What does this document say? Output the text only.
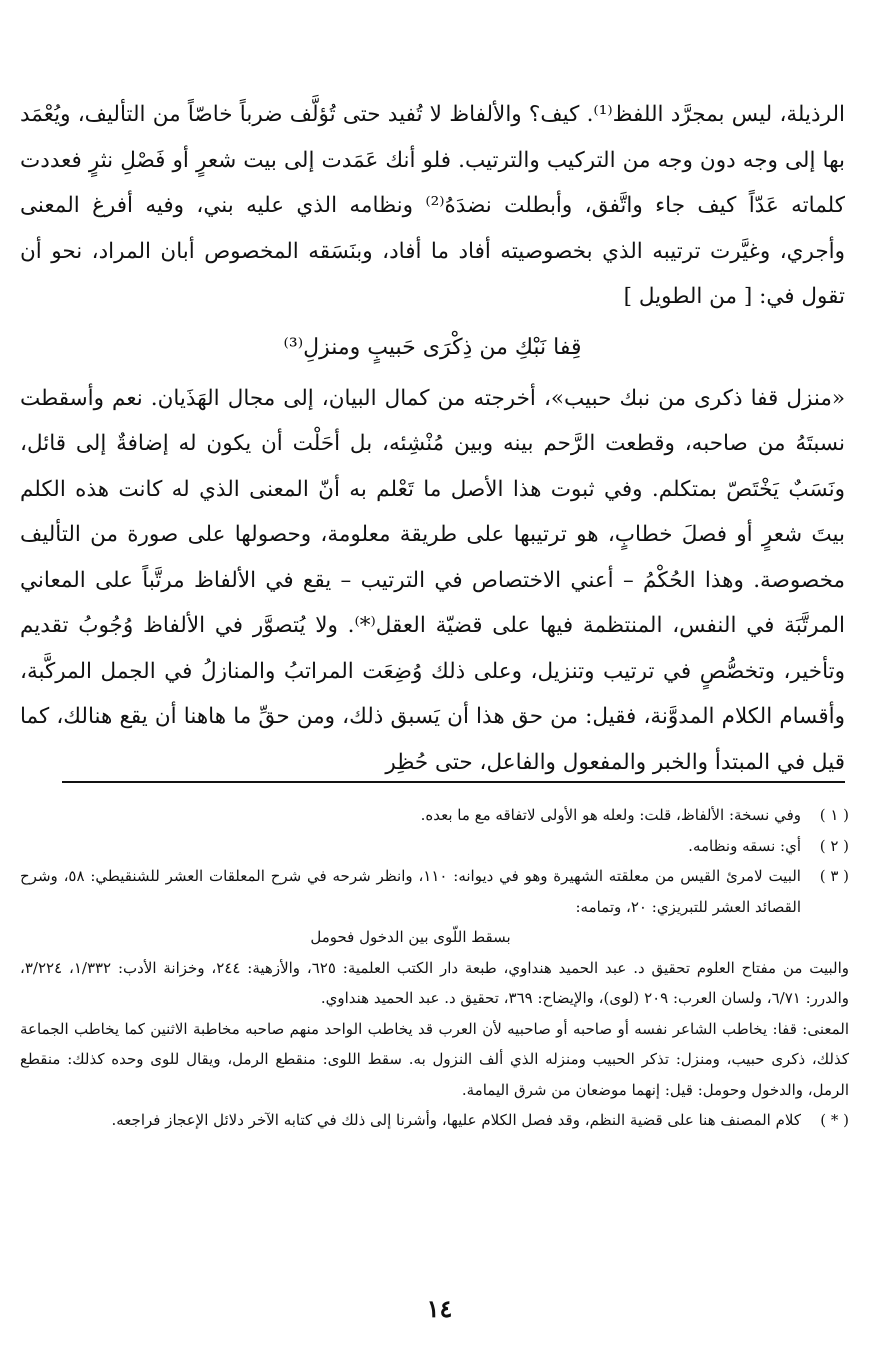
الرذيلة، ليس بمجرَّد اللفظ⁽¹⁾. كيف؟ والألفاظ لا تُفيد حتى تُؤلَّف ضرباً خاصّاً من التأليف، ويُعْمَد بها إلى وجه دون وجه من التركيب والترتيب. فلو أنك عَمَدت إلى بيت شعرٍ أو فَصْلِ نثرٍ فعددت كلماته عَدّاً كيف جاء واتَّفق، وأبطلت نضدَهُ⁽²⁾ ونظامه الذي عليه بني، وفيه أفرغ المعنى وأجري، وغيَّرت ترتيبه الذي بخصوصيته أفاد ما أفاد، وبنَسَقه المخصوص أبان المراد، نحو أن تقول في: [ من الطويل ]

قِفا نَبْكِ من ذِكْرَى حَبيبٍ ومنزلِ⁽³⁾

«منزل قفا ذكرى من نبك حبيب»، أخرجته من كمال البيان، إلى مجال الهَذَيان. نعم وأسقطت نسبتَهُ من صاحبه، وقطعت الرَّحم بينه وبين مُنْشِئه، بل أحَلْت أن يكون له إضافةٌ إلى قائل، ونَسَبٌ يَخْتَصّ بمتكلم. وفي ثبوت هذا الأصل ما تَعْلم به أنّ المعنى الذي له كانت هذه الكلم بيتَ شعرٍ أو فصلَ خطابٍ، هو ترتيبها على طريقة معلومة، وحصولها على صورة من التأليف مخصوصة. وهذا الحُكْمُ – أعني الاختصاص في الترتيب – يقع في الألفاظ مرتَّباً على المعاني المرتَّبَة في النفس، المنتظمة فيها على قضيّة العقل⁽*⁾. ولا يُتصوَّر في الألفاظ وُجُوبُ تقديم وتأخير، وتخصُّصٍ في ترتيب وتنزيل، وعلى ذلك وُضِعَت المراتبُ والمنازلُ في الجمل المركَّبة، وأقسام الكلام المدوَّنة، فقيل: من حق هذا أن يَسبق ذلك، ومن حقِّ ما هاهنا أن يقع هنالك، كما قيل في المبتدأ والخبر والمفعول والفاعل، حتى حُظِر

( ١ )
وفي نسخة: الألفاظ، قلت: ولعله هو الأولى لاتفاقه مع ما بعده.
( ٢ )
أي: نسقه ونظامه.
( ٣ )
البيت لامرئ القيس من معلقته الشهيرة وهو في ديوانه: ١١٠، وانظر شرحه في شرح المعلقات العشر للشنقيطي: ٥٨، وشرح القصائد العشر للتبريزي: ٢٠، وتمامه:

بسقط اللّوى بين الدخول فحومل

والبيت من مفتاح العلوم تحقيق د. عبد الحميد هنداوي، طبعة دار الكتب العلمية: ٦٢٥، والأزهية: ٢٤٤، وخزانة الأدب: ١/٣٣٢، ٣/٢٢٤، والدرر: ٦/٧١، ولسان العرب: ٢٠٩ (لوى)، والإيضاح: ٣٦٩، تحقيق د. عبد الحميد هنداوي.

المعنى: قفا: يخاطب الشاعر نفسه أو صاحبه أو صاحبيه لأن العرب قد يخاطب الواحد منهم صاحبه مخاطبة الاثنين كما يخاطب الجماعة كذلك، ذكرى حبيب، ومنزل: تذكر الحبيب ومنزله الذي ألف النزول به. سقط اللوى: منقطع الرمل، ويقال للوى وحده كذلك: منقطع الرمل، والدخول وحومل: قيل: إنهما موضعان من شرق اليمامة.

( * )
كلام المصنف هنا على قضية النظم، وقد فصل الكلام عليها، وأشرنا إلى ذلك في كتابه الآخر دلائل الإعجاز فراجعه.
١٤
